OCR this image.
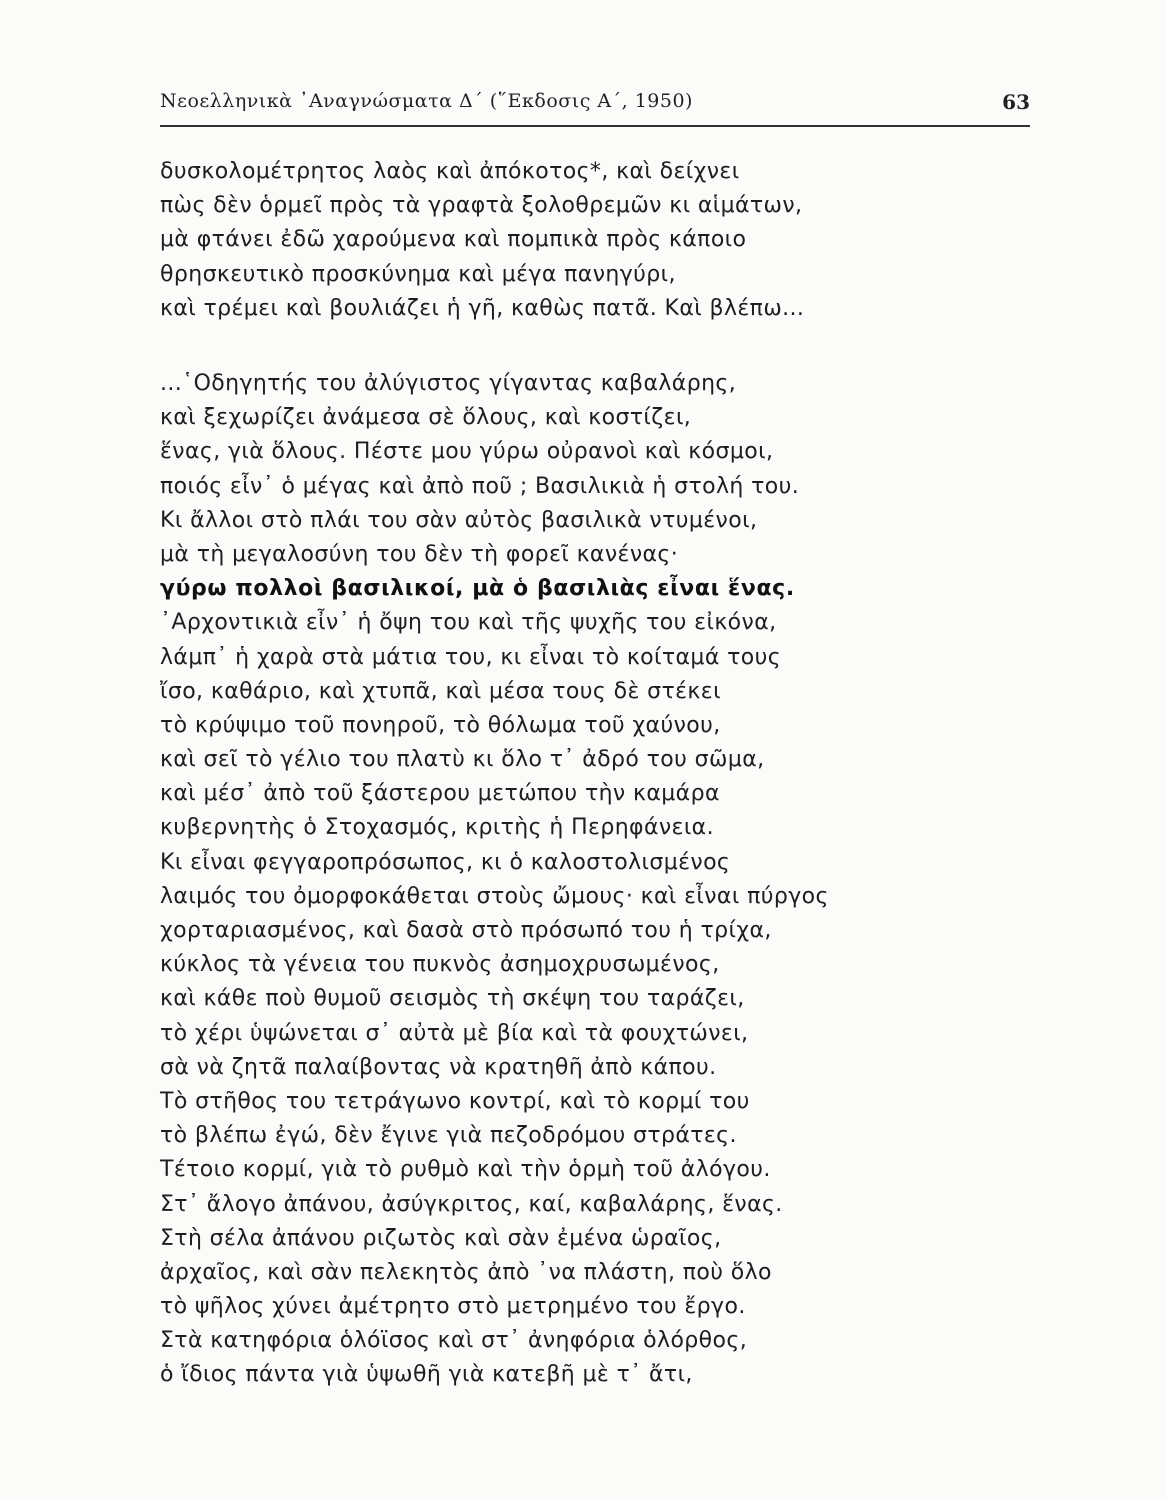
Νεοελληνικὰ ᾿Αναγνώσματα Δ΄ (῞Εκδοσις Α΄, 1950)	63
δυσκολομέτρητος λαὸς καὶ ἀπόκοτος*, καὶ δείχνει
πὼς δὲν ὁρμεῖ πρὸς τὰ γραφτὰ ξολοθρεμῶν κι αἱμάτων,
μὰ φτάνει ἐδῶ χαρούμενα καὶ πομπικὰ πρὸς κάποιο
θρησκευτικὸ προσκύνημα καὶ μέγα πανηγύρι,
καὶ τρέμει καὶ βουλιάζει ἡ γῆ, καθὼς πατᾶ. Καὶ βλέπω...
...῾Οδηγητής του ἀλύγιστος γίγαντας καβαλάρης,
καὶ ξεχωρίζει ἀνάμεσα σὲ ὅλους, καὶ κοστίζει,
ἕνας, γιὰ ὅλους. Πέστε μου γύρω οὐρανοὶ καὶ κόσμοι,
ποιός εἶν᾿ ὁ μέγας καὶ ἀπὸ ποῦ ; Βασιλικιὰ ἡ στολή του.
Κι ἄλλοι στὸ πλάι του σὰν αὐτὸς βασιλικὰ ντυμένοι,
μὰ τὴ μεγαλοσύνη του δὲν τὴ φορεῖ κανένας·
γύρω πολλοὶ βασιλικοί, μὰ ὁ βασιλιὰς εἶναι ἕνας.
᾿Αρχοντικιὰ εἶν᾿ ἡ ὄψη του καὶ τῆς ψυχῆς του εἰκόνα,
λάμπ᾿ ἡ χαρὰ στὰ μάτια του, κι εἶναι τὸ κοίταμά τους
ἴσο, καθάριο, καὶ χτυπᾶ, καὶ μέσα τους δὲ στέκει
τὸ κρύψιμο τοῦ πονηροῦ, τὸ θόλωμα τοῦ χαύνου,
καὶ σεῖ τὸ γέλιο του πλατὺ κι ὅλο τ᾿ ἀδρό του σῶμα,
καὶ μέσ᾿ ἀπὸ τοῦ ξάστερου μετώπου τὴν καμάρα
κυβερνητὴς ὁ Στοχασμός, κριτὴς ἡ Περηφάνεια.
Κι εἶναι φεγγαροπρόσωπος, κι ὁ καλοστολισμένος
λαιμός του ὀμορφοκάθεται στοὺς ὤμους· καὶ εἶναι πύργος
χορταριασμένος, καὶ δασὰ στὸ πρόσωπό του ἡ τρίχα,
κύκλος τὰ γένεια του πυκνὸς ἀσημοχρυσωμένος,
καὶ κάθε ποὺ θυμοῦ σεισμὸς τὴ σκέψη του ταράζει,
τὸ χέρι ὑψώνεται σ᾿ αὐτὰ μὲ βία καὶ τὰ φουχτώνει,
σὰ νὰ ζητᾶ παλαίβοντας νὰ κρατηθῆ ἀπὸ κάπου.
Τὸ στῆθος του τετράγωνο κοντρί, καὶ τὸ κορμί του
τὸ βλέπω ἐγώ, δὲν ἔγινε γιὰ πεζοδρόμου στράτες.
Τέτοιο κορμί, γιὰ τὸ ρυθμὸ καὶ τὴν ὁρμὴ τοῦ ἀλόγου.
Στ᾿ ἄλογο ἀπάνου, ἀσύγκριτος, καί, καβαλάρης, ἕνας.
Στὴ σέλα ἀπάνου ριζωτὸς καὶ σὰν ἐμένα ὡραῖος,
ἀρχαῖος, καὶ σὰν πελεκητὸς ἀπὸ ᾿να πλάστη, ποὺ ὅλο
τὸ ψῆλος χύνει ἀμέτρητο στὸ μετρημένο του ἔργο.
Στὰ κατηφόρια ὁλόϊσος καὶ στ᾿ ἀνηφόρια ὁλόρθος,
ὁ ἴδιος πάντα γιὰ ὑψωθῆ γιὰ κατεβῆ μὲ τ᾿ ἄτι,
